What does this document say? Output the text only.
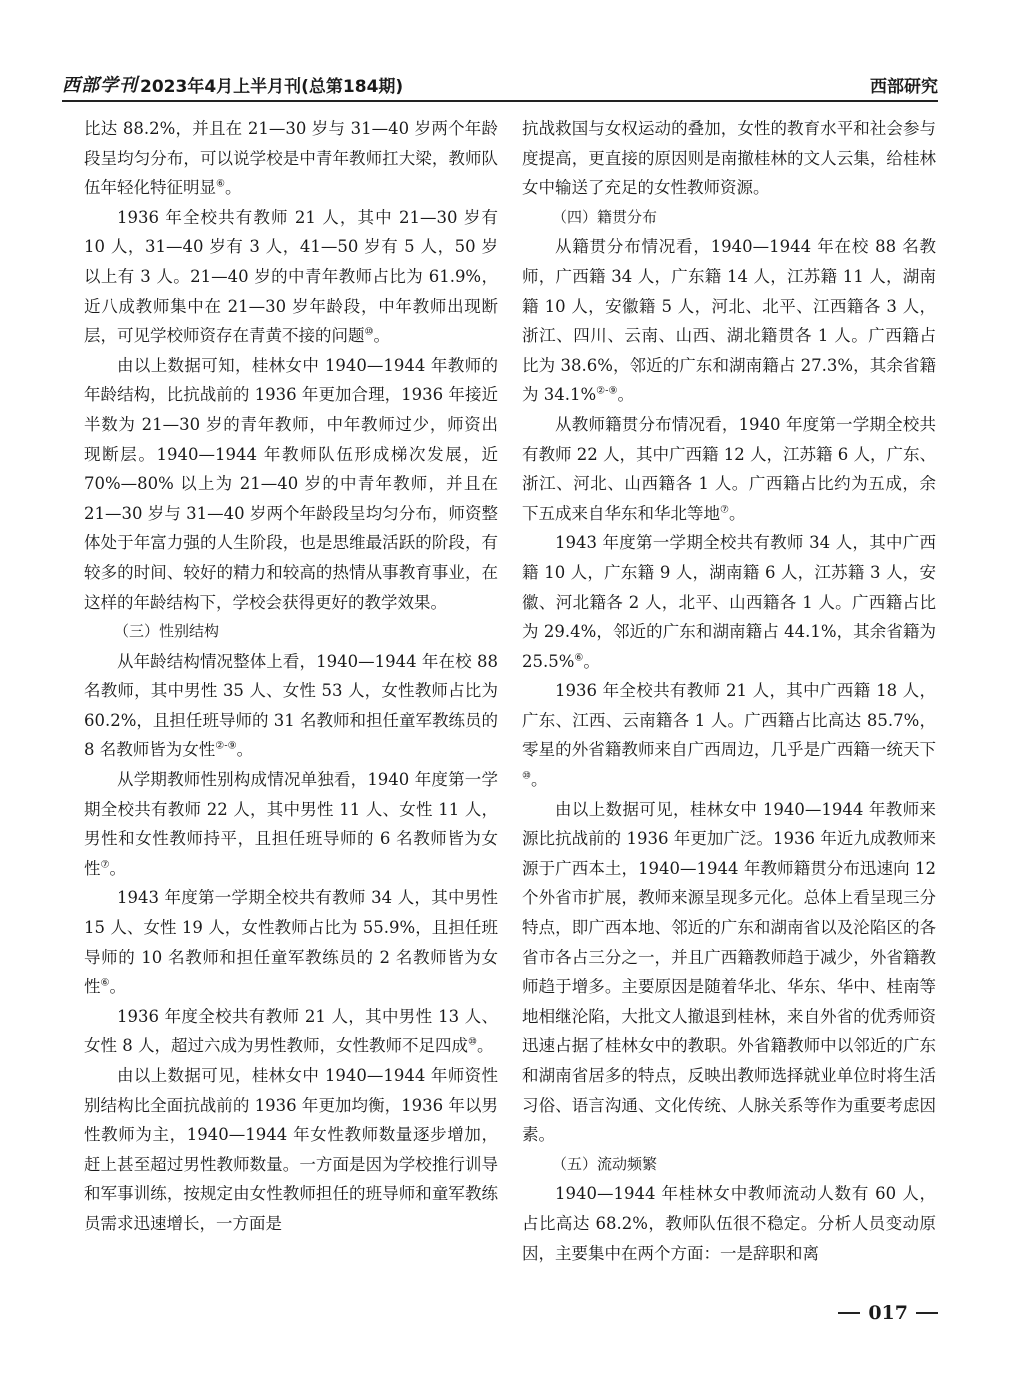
西部学刊 2023年4月上半月刊(总第184期)	西部研究

比达 88.2%，并且在 21—30 岁与 31—40 岁两个年龄段呈均匀分布，可以说学校是中青年教师扛大梁，教师队伍年轻化特征明显⑥。

1936 年全校共有教师 21 人，其中 21—30 岁有 10 人，31—40 岁有 3 人，41—50 岁有 5 人，50 岁以上有 3 人。21—40 岁的中青年教师占比为 61.9%，近八成教师集中在 21—30 岁年龄段，中年教师出现断层，可见学校师资存在青黄不接的问题⑩。

由以上数据可知，桂林女中 1940—1944 年教师的年龄结构，比抗战前的 1936 年更加合理，1936 年接近半数为 21—30 岁的青年教师，中年教师过少，师资出现断层。1940—1944 年教师队伍形成梯次发展，近 70%—80% 以上为 21—40 岁的中青年教师，并且在 21—30 岁与 31—40 岁两个年龄段呈均匀分布，师资整体处于年富力强的人生阶段，也是思维最活跃的阶段，有较多的时间、较好的精力和较高的热情从事教育事业，在这样的年龄结构下，学校会获得更好的教学效果。

（三）性别结构

从年龄结构情况整体上看，1940—1944 年在校 88 名教师，其中男性 35 人、女性 53 人，女性教师占比为 60.2%，且担任班导师的 31 名教师和担任童军教练员的 8 名教师皆为女性②-⑨。

从学期教师性别构成情况单独看，1940 年度第一学期全校共有教师 22 人，其中男性 11 人、女性 11 人，男性和女性教师持平，且担任班导师的 6 名教师皆为女性⑦。

1943 年度第一学期全校共有教师 34 人，其中男性 15 人、女性 19 人，女性教师占比为 55.9%，且担任班导师的 10 名教师和担任童军教练员的 2 名教师皆为女性⑥。

1936 年度全校共有教师 21 人，其中男性 13 人、女性 8 人，超过六成为男性教师，女性教师不足四成⑩。

由以上数据可见，桂林女中 1940—1944 年师资性别结构比全面抗战前的 1936 年更加均衡，1936 年以男性教师为主，1940—1944 年女性教师数量逐步增加，赶上甚至超过男性教师数量。一方面是因为学校推行训导和军事训练，按规定由女性教师担任的班导师和童军教练员需求迅速增长，一方面是

抗战救国与女权运动的叠加，女性的教育水平和社会参与度提高，更直接的原因则是南撤桂林的文人云集，给桂林女中输送了充足的女性教师资源。

（四）籍贯分布

从籍贯分布情况看，1940—1944 年在校 88 名教师，广西籍 34 人，广东籍 14 人，江苏籍 11 人，湖南籍 10 人，安徽籍 5 人，河北、北平、江西籍各 3 人，浙江、四川、云南、山西、湖北籍贯各 1 人。广西籍占比为 38.6%，邻近的广东和湖南籍占 27.3%，其余省籍为 34.1%②-⑨。

从教师籍贯分布情况看，1940 年度第一学期全校共有教师 22 人，其中广西籍 12 人，江苏籍 6 人，广东、浙江、河北、山西籍各 1 人。广西籍占比约为五成，余下五成来自华东和华北等地⑦。

1943 年度第一学期全校共有教师 34 人，其中广西籍 10 人，广东籍 9 人，湖南籍 6 人，江苏籍 3 人，安徽、河北籍各 2 人，北平、山西籍各 1 人。广西籍占比为 29.4%，邻近的广东和湖南籍占 44.1%，其余省籍为 25.5%⑥。

1936 年全校共有教师 21 人，其中广西籍 18 人，广东、江西、云南籍各 1 人。广西籍占比高达 85.7%，零星的外省籍教师来自广西周边，几乎是广西籍一统天下⑩。

由以上数据可见，桂林女中 1940—1944 年教师来源比抗战前的 1936 年更加广泛。1936 年近九成教师来源于广西本土，1940—1944 年教师籍贯分布迅速向 12 个外省市扩展，教师来源呈现多元化。总体上看呈现三分特点，即广西本地、邻近的广东和湖南省以及沦陷区的各省市各占三分之一，并且广西籍教师趋于减少，外省籍教师趋于增多。主要原因是随着华北、华东、华中、桂南等地相继沦陷，大批文人撤退到桂林，来自外省的优秀师资迅速占据了桂林女中的教职。外省籍教师中以邻近的广东和湖南省居多的特点，反映出教师选择就业单位时将生活习俗、语言沟通、文化传统、人脉关系等作为重要考虑因素。

（五）流动频繁

1940—1944 年桂林女中教师流动人数有 60 人，占比高达 68.2%，教师队伍很不稳定。分析人员变动原因，主要集中在两个方面：一是辞职和离

017
